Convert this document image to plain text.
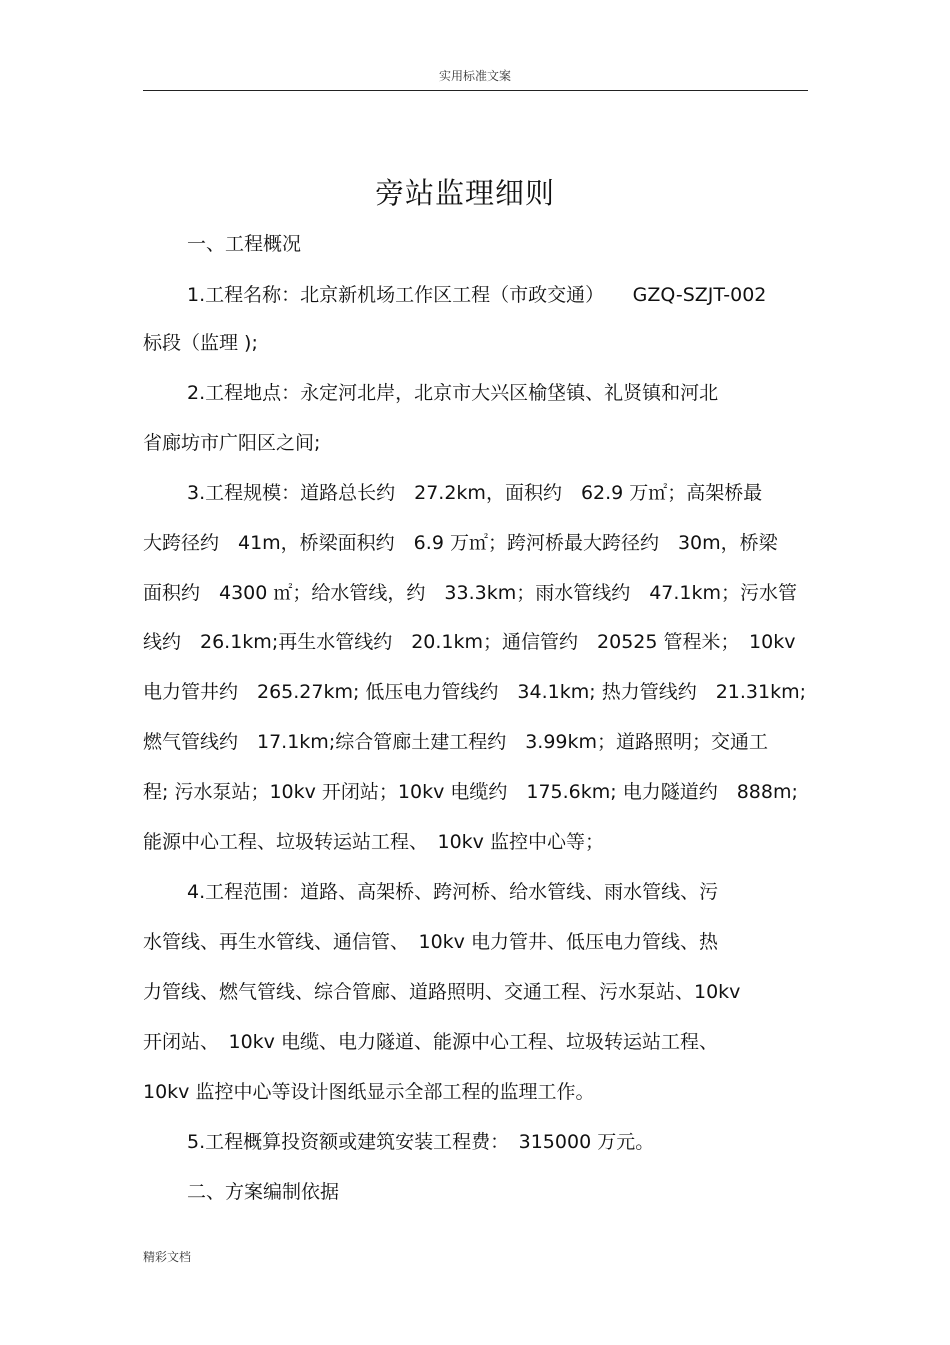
实用标准文案
旁站监理细则
一、工程概况
1.工程名称：北京新机场工作区工程（市政交通）　　GZQ-SZJT-002
标段（监理 );
2.工程地点：永定河北岸，北京市大兴区榆垡镇、礼贤镇和河北
省廊坊市广阳区之间;
3.工程规模：道路总长约　27.2km，面积约　62.9 万㎡；高架桥最
大跨径约　41m，桥梁面积约　6.9 万㎡；跨河桥最大跨径约　30m，桥梁
面积约　4300 ㎡；给水管线，约　33.3km；雨水管线约　47.1km；污水管
线约　26.1km;再生水管线约　20.1km；通信管约　20525 管程米；　10kv
电力管井约　265.27km; 低压电力管线约　34.1km; 热力管线约　21.31km;
燃气管线约　17.1km;综合管廊土建工程约　3.99km；道路照明；交通工
程; 污水泵站；10kv 开闭站；10kv 电缆约　175.6km; 电力隧道约　888m;
能源中心工程、垃圾转运站工程、　10kv 监控中心等；
4.工程范围：道路、高架桥、跨河桥、给水管线、雨水管线、污
水管线、再生水管线、通信管、　10kv 电力管井、低压电力管线、热
力管线、燃气管线、综合管廊、道路照明、交通工程、污水泵站、10kv
开闭站、　10kv 电缆、电力隧道、能源中心工程、垃圾转运站工程、
10kv 监控中心等设计图纸显示全部工程的监理工作。
5.工程概算投资额或建筑安装工程费：　315000 万元。
二、方案编制依据
精彩文档
